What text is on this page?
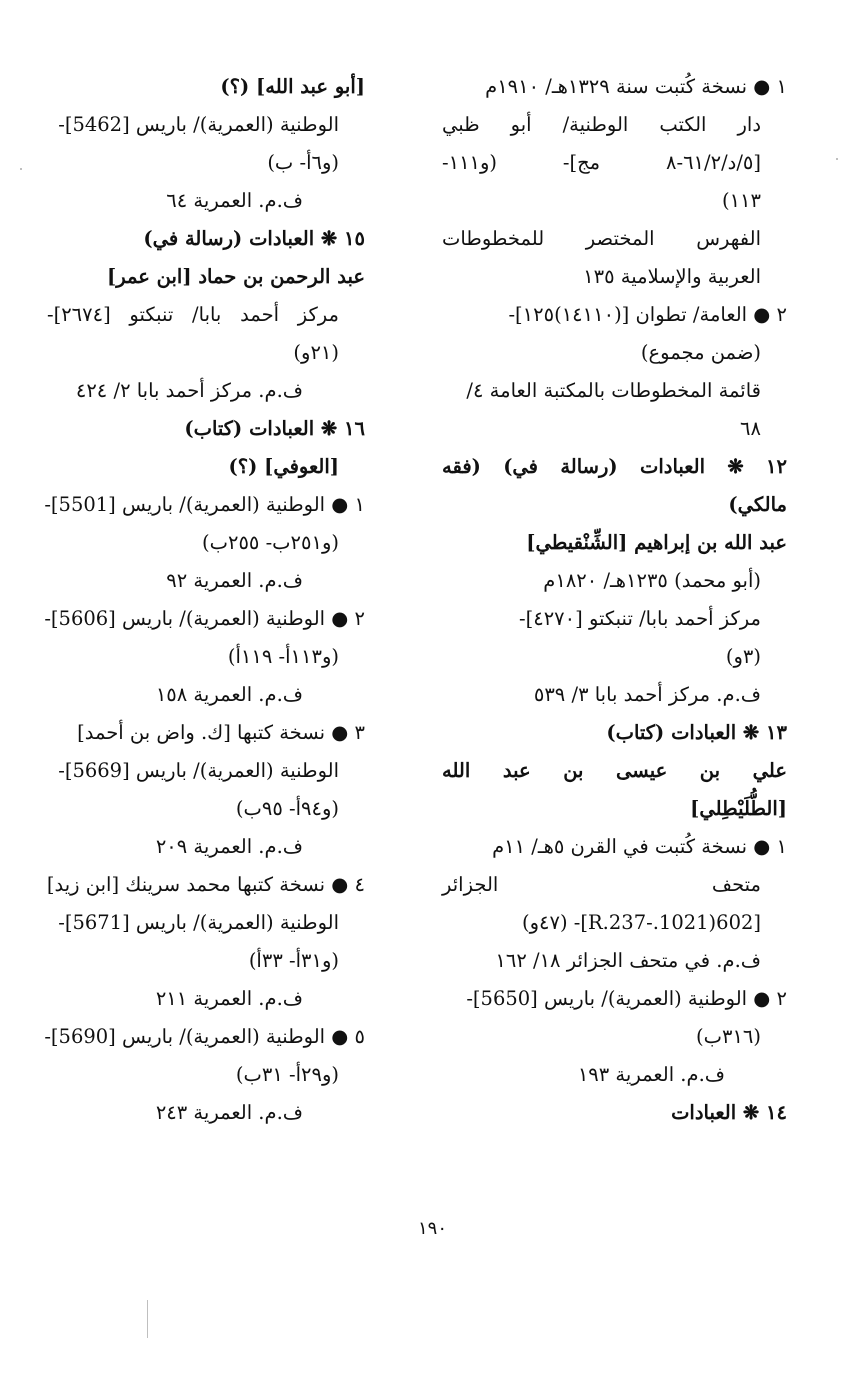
١ ● نسخة كُتبت سنة ١٣٢٩هـ/ ١٩١٠م
دار الكتب الوطنية/ أبو ظبي
[٥/د/٦١/٢-٨ مج]- (و١١١-
١١٣)
الفهرس المختصر للمخطوطات
العربية والإسلامية ١٣٥
٢ ● العامة/ تطوان [(١٤١١٠)١٢٥]-
(ضمن مجموع)
قائمة المخطوطات بالمكتبة العامة ٤/
٦٨
١٢ ❋ العبادات (رسالة في) (فقه
مالكي)
عبد الله بن إبراهيم [الشِّنْقيطي]
(أبو محمد) ١٢٣٥هـ/ ١٨٢٠م
مركز أحمد بابا/ تنبكتو [٤٢٧٠]-
(٣و)
ف.م. مركز أحمد بابا ٣/ ٥٣٩
١٣ ❋ العبادات (كتاب)
علي بن عيسى بن عبد الله
[الطُّلَيْطِلي]
١ ● نسخة كُتبت في القرن ٥هـ/ ١١م
متحف الجزائر
[602(1021.-R.237]- (٤٧و)
ف.م. في متحف الجزائر ١٨/ ١٦٢
٢ ● الوطنية (العمرية)/ باريس [5650]-
(٣١٦ب)
ف.م. العمرية ١٩٣
١٤ ❋ العبادات
[أبو عبد الله] (؟)
الوطنية (العمرية)/ باريس [5462]-
(و٦أ- ب)
ف.م. العمرية ٦٤
١٥ ❋ العبادات (رسالة في)
عبد الرحمن بن حماد [ابن عمر]
مركز أحمد بابا/ تنبكتو [٢٦٧٤]-
(٢١و)
ف.م. مركز أحمد بابا ٢/ ٤٢٤
١٦ ❋ العبادات (كتاب)
[العوفي] (؟)
١ ● الوطنية (العمرية)/ باريس [5501]-
(و٢٥١ب- ٢٥٥ب)
ف.م. العمرية ٩٢
٢ ● الوطنية (العمرية)/ باريس [5606]-
(و١١٣أ- ١١٩أ)
ف.م. العمرية ١٥٨
٣ ● نسخة كتبها [ك. واض بن أحمد]
الوطنية (العمرية)/ باريس [5669]-
(و٩٤أ- ٩٥ب)
ف.م. العمرية ٢٠٩
٤ ● نسخة كتبها محمد سرينك [ابن زيد]
الوطنية (العمرية)/ باريس [5671]-
(و٣١أ- ٣٣أ)
ف.م. العمرية ٢١١
٥ ● الوطنية (العمرية)/ باريس [5690]-
(و٢٩أ- ٣١ب)
ف.م. العمرية ٢٤٣
١٩٠
